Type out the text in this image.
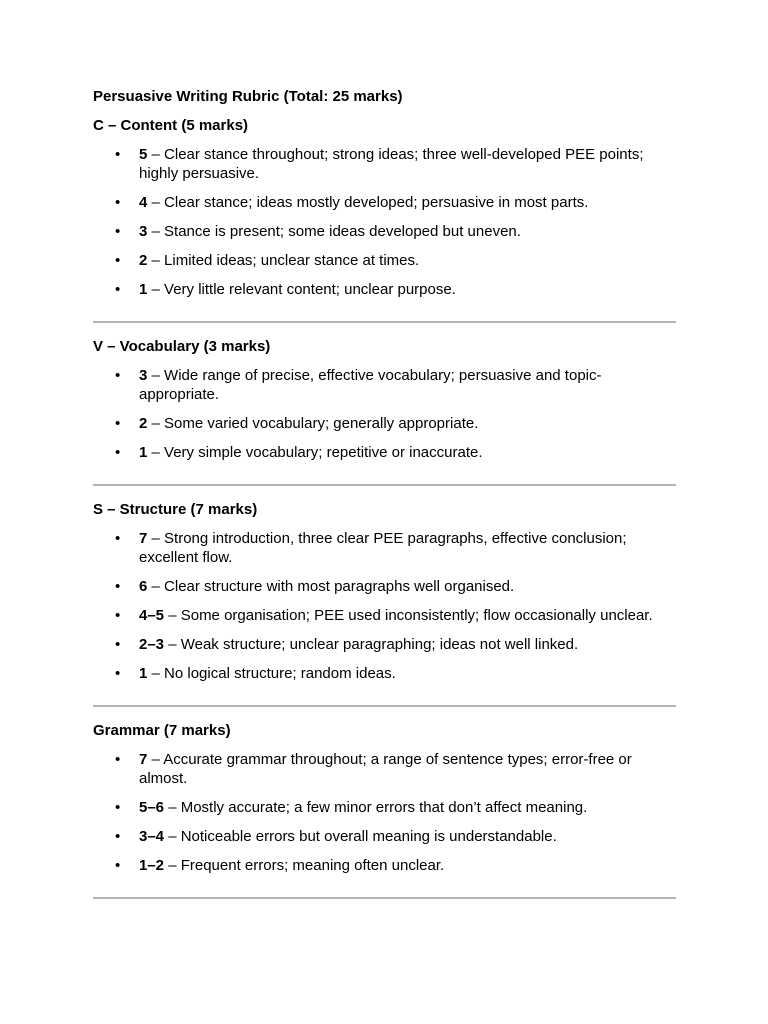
Persuasive Writing Rubric (Total: 25 marks)
C – Content (5 marks)
• 5 – Clear stance throughout; strong ideas; three well-developed PEE points; highly persuasive.
• 4 – Clear stance; ideas mostly developed; persuasive in most parts.
• 3 – Stance is present; some ideas developed but uneven.
• 2 – Limited ideas; unclear stance at times.
• 1 – Very little relevant content; unclear purpose.
V – Vocabulary (3 marks)
• 3 – Wide range of precise, effective vocabulary; persuasive and topic-appropriate.
• 2 – Some varied vocabulary; generally appropriate.
• 1 – Very simple vocabulary; repetitive or inaccurate.
S – Structure (7 marks)
• 7 – Strong introduction, three clear PEE paragraphs, effective conclusion; excellent flow.
• 6 – Clear structure with most paragraphs well organised.
• 4–5 – Some organisation; PEE used inconsistently; flow occasionally unclear.
• 2–3 – Weak structure; unclear paragraphing; ideas not well linked.
• 1 – No logical structure; random ideas.
Grammar (7 marks)
• 7 – Accurate grammar throughout; a range of sentence types; error-free or almost.
• 5–6 – Mostly accurate; a few minor errors that don’t affect meaning.
• 3–4 – Noticeable errors but overall meaning is understandable.
• 1–2 – Frequent errors; meaning often unclear.
